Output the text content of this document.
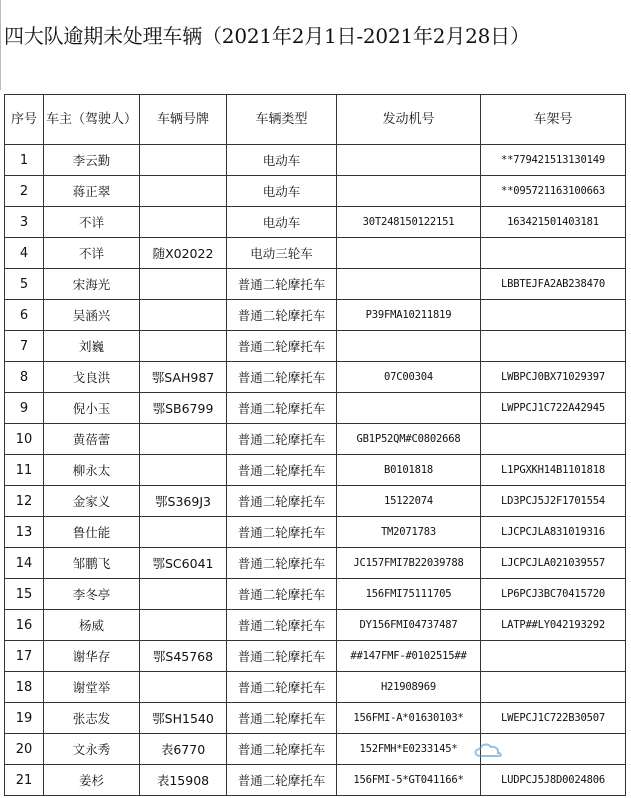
四大队逾期未处理车辆（2021年2月1日-2021年2月28日）
序号	车主（驾驶人）	车辆号牌	车辆类型	发动机号	车架号
1	李云勤		电动车		**779421513130149
2	蒋正翠		电动车		**095721163100663
3	不详		电动车	30T248150122151	163421501403181
4	不详	随X02022	电动三轮车		
5	宋海光		普通二轮摩托车		LBBTEJFA2AB238470
6	吴涵兴		普通二轮摩托车	P39FMA10211819	
7	刘巍		普通二轮摩托车		
8	戈良洪	鄂SAH987	普通二轮摩托车	07C00304	LWBPCJ0BX71029397
9	倪小玉	鄂SB6799	普通二轮摩托车		LWPPCJ1C722A42945
10	黄蓓蕾		普通二轮摩托车	GB1P52QM#C0802668	
11	柳永太		普通二轮摩托车	B0101818	L1PGXKH14B1101818
12	金家义	鄂S369J3	普通二轮摩托车	15122074	LD3PCJ5J2F1701554
13	鲁仕能		普通二轮摩托车	TM2071783	LJCPCJLA831019316
14	邹鹏飞	鄂SC6041	普通二轮摩托车	JC157FMI7B22039788	LJCPCJLA021039557
15	李冬亭		普通二轮摩托车	156FMI75111705	LP6PCJ3BC70415720
16	杨威		普通二轮摩托车	DY156FMI04737487	LATP##LY042193292
17	谢华存	鄂S45768	普通二轮摩托车	##147FMF-#0102515##	
18	谢堂举		普通二轮摩托车	H21908969	
19	张志发	鄂SH1540	普通二轮摩托车	156FMI-A*01630103*	LWEPCJ1C722B30507
20	文永秀	表6770	普通二轮摩托车	152FMH*E0233145*	
21	姜杉	表15908	普通二轮摩托车	156FMI-5*GT041166*	LUDPCJ5J8D0024806
